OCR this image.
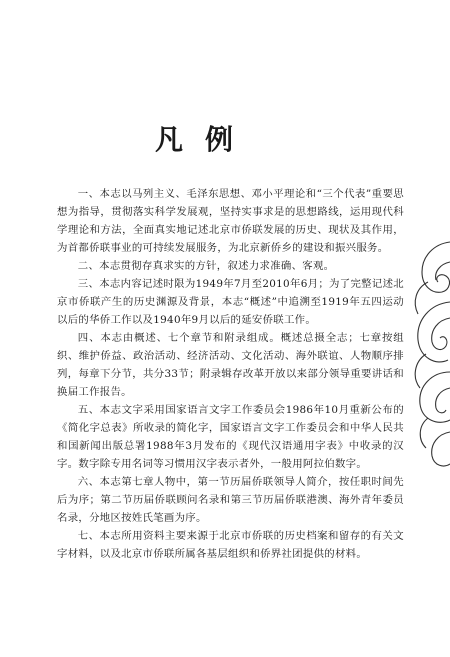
凡例

一、本志以马列主义、毛泽东思想、邓小平理论和“三个代表”重要思想为指导，贯彻落实科学发展观，坚持实事求是的思想路线，运用现代科学理论和方法，全面真实地记述北京市侨联发展的历史、现状及其作用，为首都侨联事业的可持续发展服务，为北京新侨乡的建设和振兴服务。

二、本志贯彻存真求实的方针，叙述力求准确、客观。

三、本志内容记述时限为1949年7月至2010年6月；为了完整记述北京市侨联产生的历史渊源及背景，本志“概述”中追溯至1919年五四运动以后的华侨工作以及1940年9月以后的延安侨联工作。

四、本志由概述、七个章节和附录组成。概述总摄全志；七章按组织、维护侨益、政治活动、经济活动、文化活动、海外联谊、人物顺序排列，每章下分节，共分33节；附录辑存改革开放以来部分领导重要讲话和换届工作报告。

五、本志文字采用国家语言文字工作委员会1986年10月重新公布的《简化字总表》所收录的简化字，国家语言文字工作委员会和中华人民共和国新闻出版总署1988年3月发布的《现代汉语通用字表》中收录的汉字。数字除专用名词等习惯用汉字表示者外，一般用阿拉伯数字。

六、本志第七章人物中，第一节历届侨联领导人简介，按任职时间先后为序；第二节历届侨联顾问名录和第三节历届侨联港澳、海外青年委员名录，分地区按姓氏笔画为序。

七、本志所用资料主要来源于北京市侨联的历史档案和留存的有关文字材料，以及北京市侨联所属各基层组织和侨界社团提供的材料。
